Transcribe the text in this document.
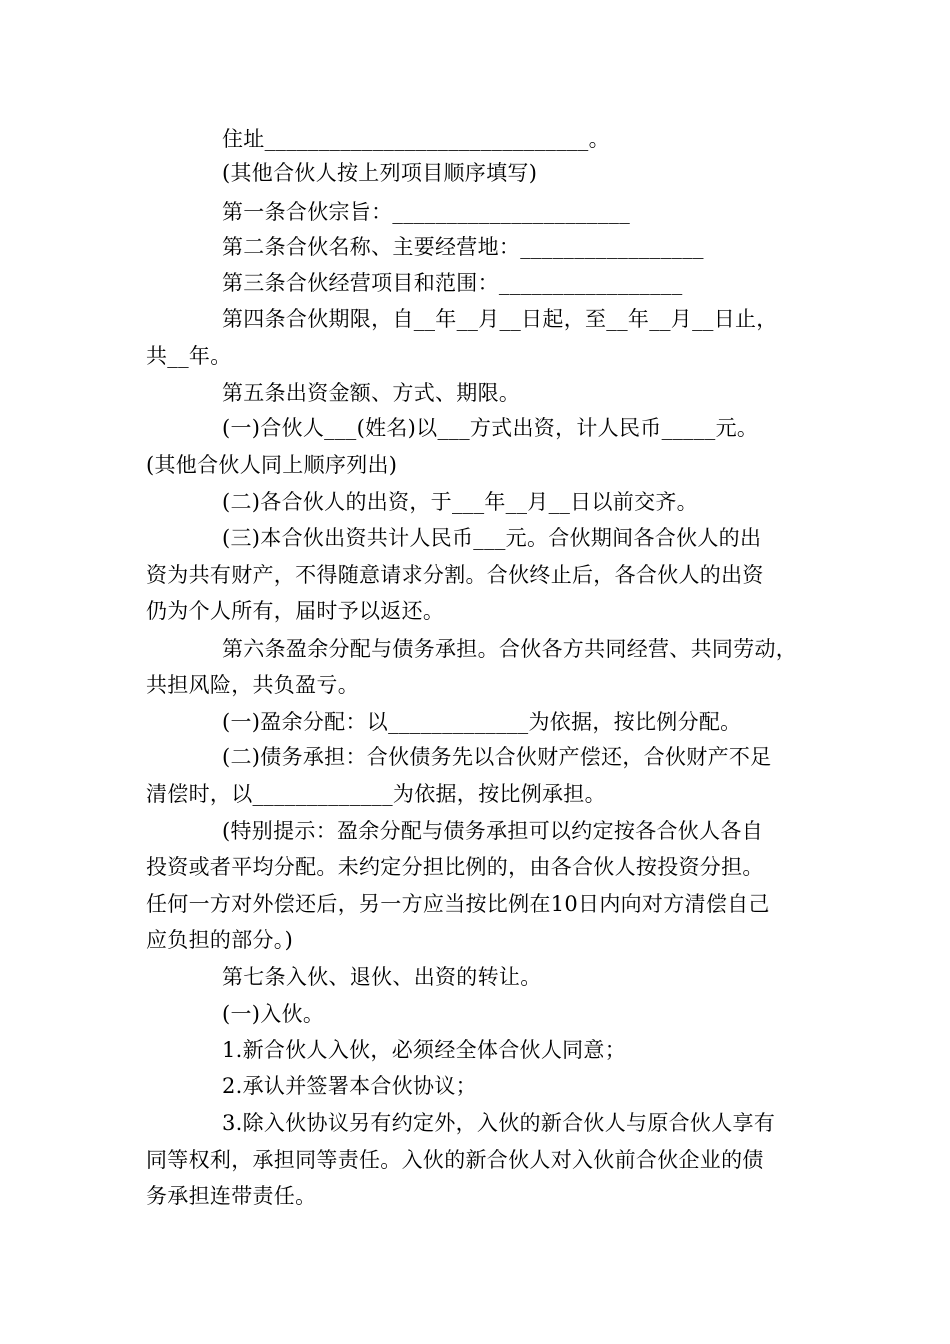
住址______________________________。
(其他合伙人按上列项目顺序填写)
第一条合伙宗旨：______________________
第二条合伙名称、主要经营地：_________________
第三条合伙经营项目和范围：_________________
第四条合伙期限，自__年__月__日起，至__年__月__日止，
共__年。
第五条出资金额、方式、期限。
(一)合伙人___(姓名)以___方式出资，计人民币_____元。
(其他合伙人同上顺序列出)
(二)各合伙人的出资，于___年__月__日以前交齐。
(三)本合伙出资共计人民币___元。合伙期间各合伙人的出
资为共有财产，不得随意请求分割。合伙终止后，各合伙人的出资
仍为个人所有，届时予以返还。
第六条盈余分配与债务承担。合伙各方共同经营、共同劳动，
共担风险，共负盈亏。
(一)盈余分配：以_____________为依据，按比例分配。
(二)债务承担：合伙债务先以合伙财产偿还，合伙财产不足
清偿时，以_____________为依据，按比例承担。
(特别提示：盈余分配与债务承担可以约定按各合伙人各自
投资或者平均分配。未约定分担比例的，由各合伙人按投资分担。
任何一方对外偿还后，另一方应当按比例在10日内向对方清偿自己
应负担的部分。)
第七条入伙、退伙、出资的转让。
(一)入伙。
1.新合伙人入伙，必须经全体合伙人同意；
2.承认并签署本合伙协议；
3.除入伙协议另有约定外，入伙的新合伙人与原合伙人享有
同等权利，承担同等责任。入伙的新合伙人对入伙前合伙企业的债
务承担连带责任。
